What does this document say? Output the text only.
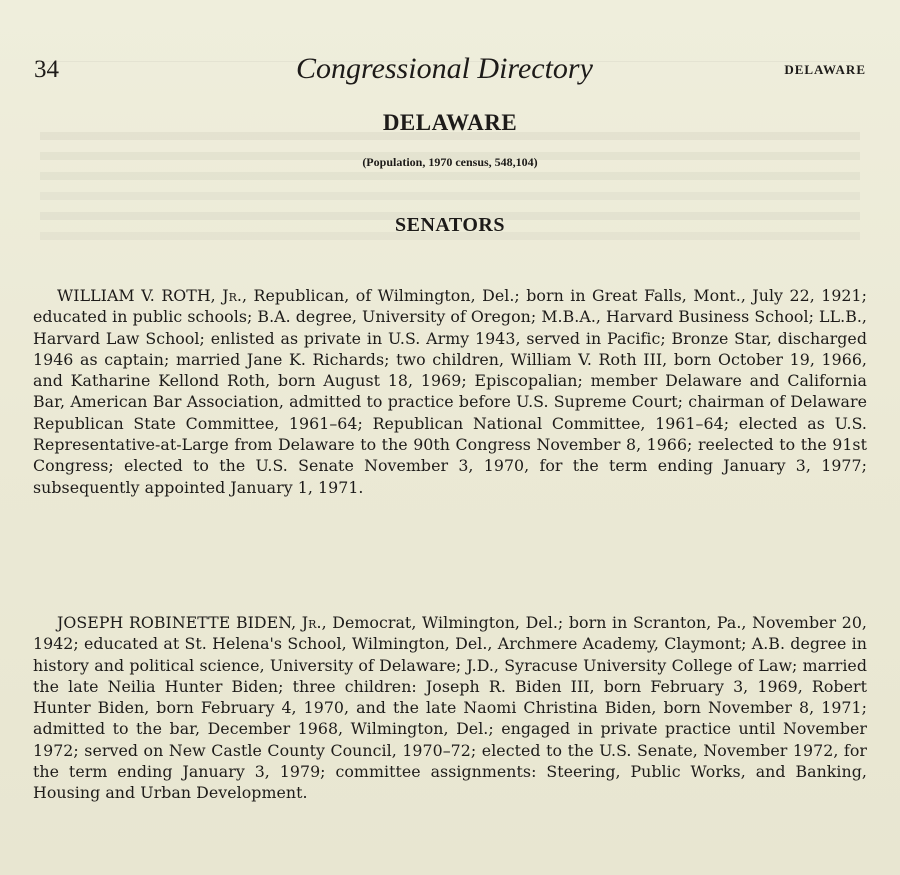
34	Congressional Directory	DELAWARE
DELAWARE
(Population, 1970 census, 548,104)
SENATORS

WILLIAM V. ROTH, Jr., Republican, of Wilmington, Del.; born in Great Falls, Mont., July 22, 1921; educated in public schools; B.A. degree, University of Oregon; M.B.A., Harvard Business School; LL.B., Harvard Law School; enlisted as private in U.S. Army 1943, served in Pacific; Bronze Star, discharged 1946 as captain; married Jane K. Richards; two children, William V. Roth III, born October 19, 1966, and Katharine Kellond Roth, born August 18, 1969; Episcopalian; member Delaware and California Bar, American Bar Association, admitted to practice before U.S. Supreme Court; chairman of Delaware Republican State Committee, 1961–64; Republican National Committee, 1961–64; elected as U.S. Representative-at-Large from Delaware to the 90th Congress November 8, 1966; reelected to the 91st Congress; elected to the U.S. Senate November 3, 1970, for the term ending January 3, 1977; subsequently appointed January 1, 1971.

JOSEPH ROBINETTE BIDEN, Jr., Democrat, Wilmington, Del.; born in Scranton, Pa., November 20, 1942; educated at St. Helena's School, Wilmington, Del., Archmere Academy, Claymont; A.B. degree in history and political science, University of Delaware; J.D., Syracuse University College of Law; married the late Neilia Hunter Biden; three children: Joseph R. Biden III, born February 3, 1969, Robert Hunter Biden, born February 4, 1970, and the late Naomi Christina Biden, born November 8, 1971; admitted to the bar, December 1968, Wilmington, Del.; engaged in private practice until November 1972; served on New Castle County Council, 1970–72; elected to the U.S. Senate, November 1972, for the term ending January 3, 1979; committee assignments: Steering, Public Works, and Banking, Housing and Urban Development.
